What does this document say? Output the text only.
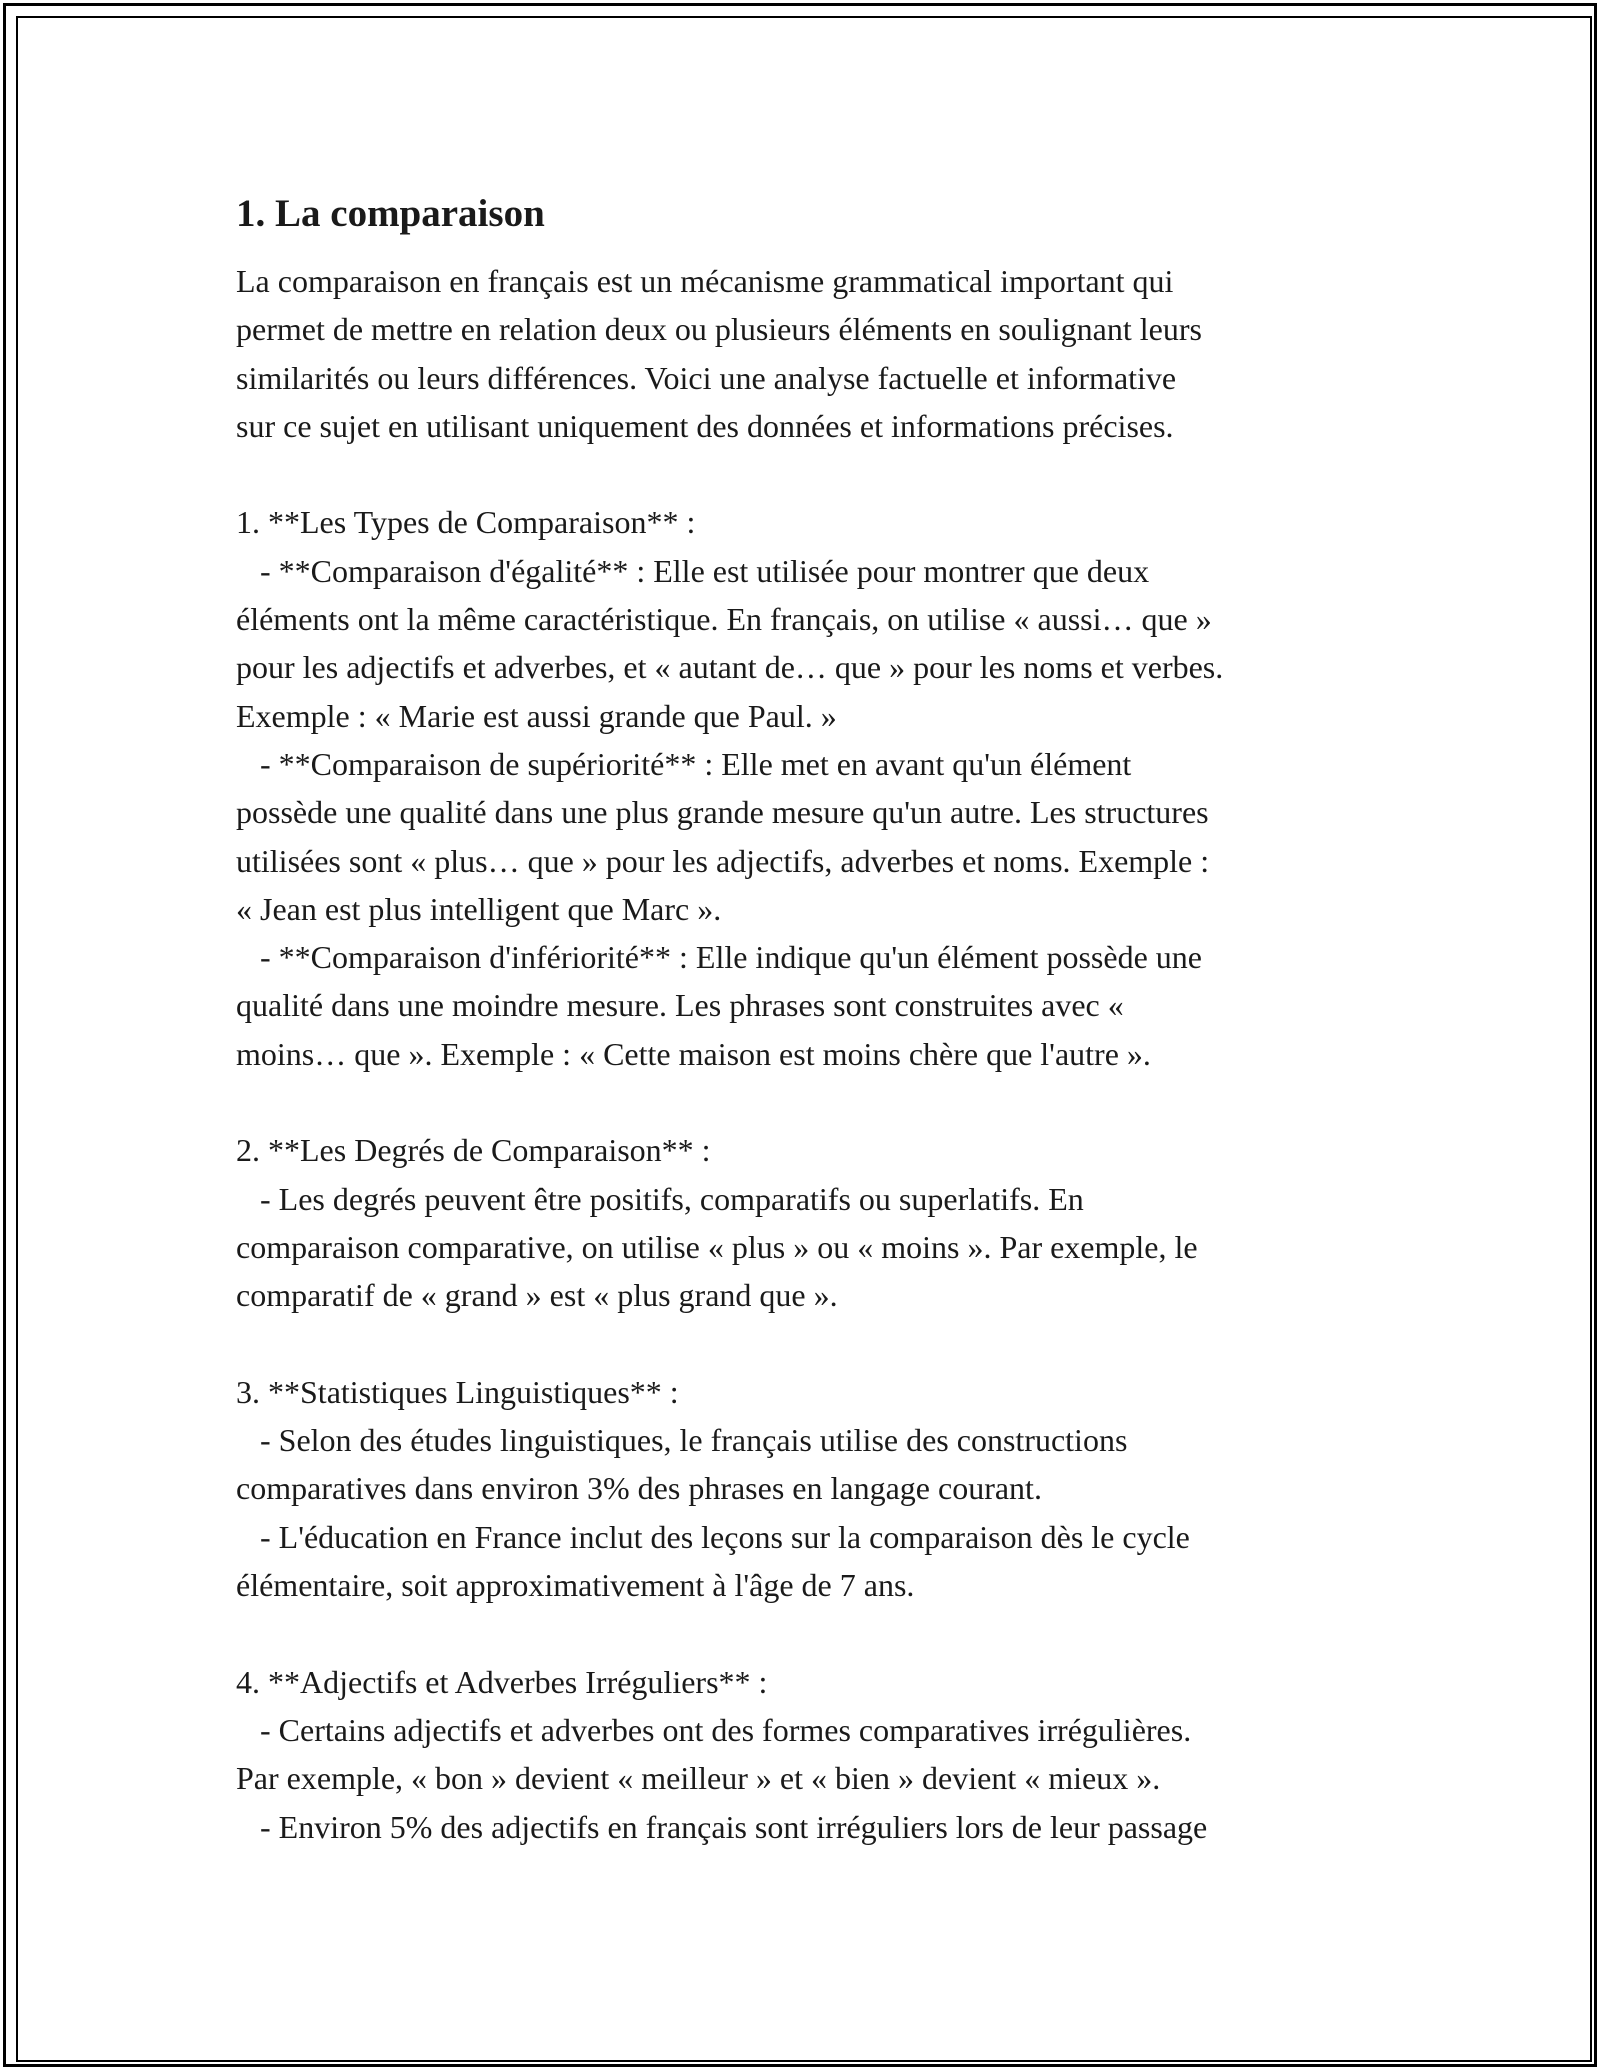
1. La comparaison

La comparaison en français est un mécanisme grammatical important qui
permet de mettre en relation deux ou plusieurs éléments en soulignant leurs
similarités ou leurs différences. Voici une analyse factuelle et informative
sur ce sujet en utilisant uniquement des données et informations précises.

1. **Les Types de Comparaison** :
- **Comparaison d'égalité** : Elle est utilisée pour montrer que deux
éléments ont la même caractéristique. En français, on utilise « aussi… que »
pour les adjectifs et adverbes, et « autant de… que » pour les noms et verbes.
Exemple : « Marie est aussi grande que Paul. »
- **Comparaison de supériorité** : Elle met en avant qu'un élément
possède une qualité dans une plus grande mesure qu'un autre. Les structures
utilisées sont « plus… que » pour les adjectifs, adverbes et noms. Exemple :
« Jean est plus intelligent que Marc ».
- **Comparaison d'infériorité** : Elle indique qu'un élément possède une
qualité dans une moindre mesure. Les phrases sont construites avec «
moins… que ». Exemple : « Cette maison est moins chère que l'autre ».

2. **Les Degrés de Comparaison** :
- Les degrés peuvent être positifs, comparatifs ou superlatifs. En
comparaison comparative, on utilise « plus » ou « moins ». Par exemple, le
comparatif de « grand » est « plus grand que ».

3. **Statistiques Linguistiques** :
- Selon des études linguistiques, le français utilise des constructions
comparatives dans environ 3% des phrases en langage courant.
- L'éducation en France inclut des leçons sur la comparaison dès le cycle
élémentaire, soit approximativement à l'âge de 7 ans.

4. **Adjectifs et Adverbes Irréguliers** :
- Certains adjectifs et adverbes ont des formes comparatives irrégulières.
Par exemple, « bon » devient « meilleur » et « bien » devient « mieux ».
- Environ 5% des adjectifs en français sont irréguliers lors de leur passage
